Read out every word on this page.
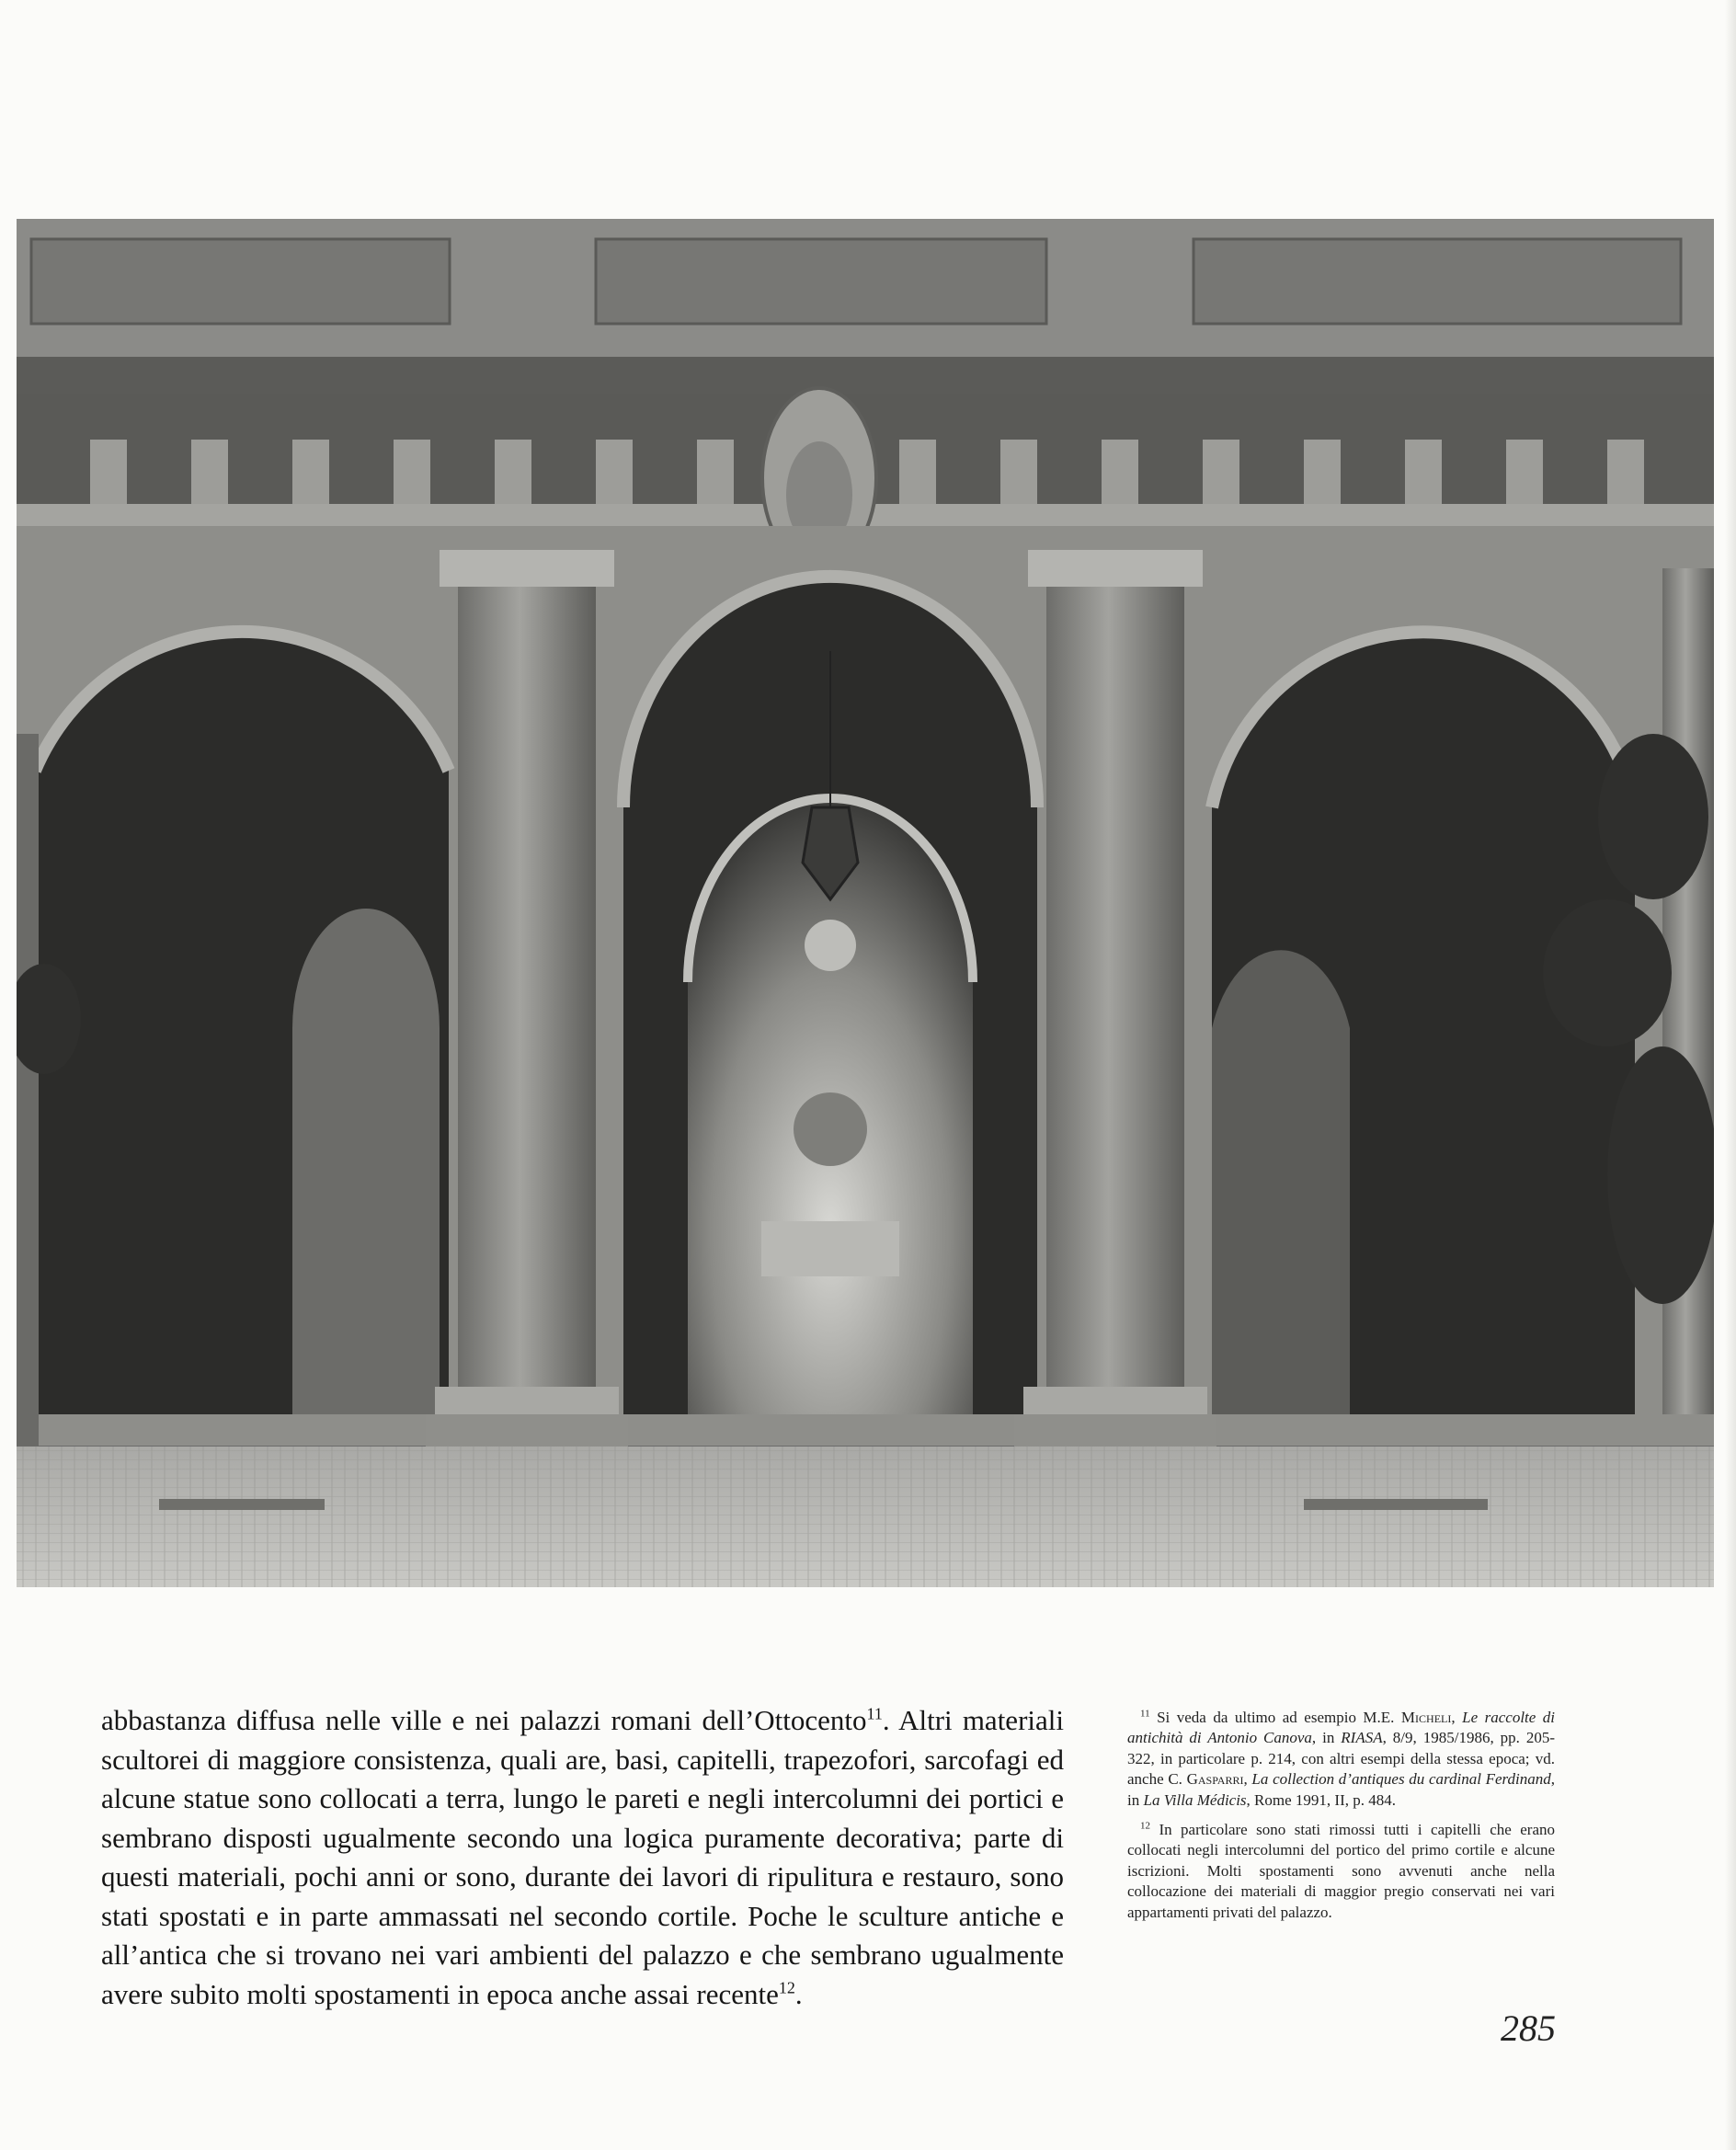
abbastanza diffusa nelle ville e nei palazzi romani dell’Ottocento$^{11}$. Altri materiali scultorei di maggiore consistenza, quali are, basi, capitelli, trapezofori, sarcofagi ed alcune statue sono collocati a terra, lungo le pareti e negli intercolumni dei portici e sembrano disposti ugualmente secondo una logica puramente decorativa; parte di questi materiali, pochi anni or sono, durante dei lavori di ripulitura e restauro, sono stati spostati e in parte ammassati nel secondo cortile. Poche le sculture antiche e all’antica che si trovano nei vari ambienti del palazzo e che sembrano ugualmente avere subito molti spostamenti in epoca anche assai recente$^{12}$.

$^{11}$ Si veda da ultimo ad esempio M.E. Micheli, Le raccolte di antichità di Antonio Canova, in RIASA, 8/9, 1985/1986, pp. 205-322, in particolare p. 214, con altri esempi della stessa epoca; vd. anche C. Gasparri, La collection d’antiques du cardinal Ferdinand, in La Villa Médicis, Rome 1991, II, p. 484.

$^{12}$ In particolare sono stati rimossi tutti i capitelli che erano collocati negli intercolumni del portico del primo cortile e alcune iscrizioni. Molti spostamenti sono avvenuti anche nella collocazione dei materiali di maggior pregio conservati nei vari appartamenti privati del palazzo.

285
